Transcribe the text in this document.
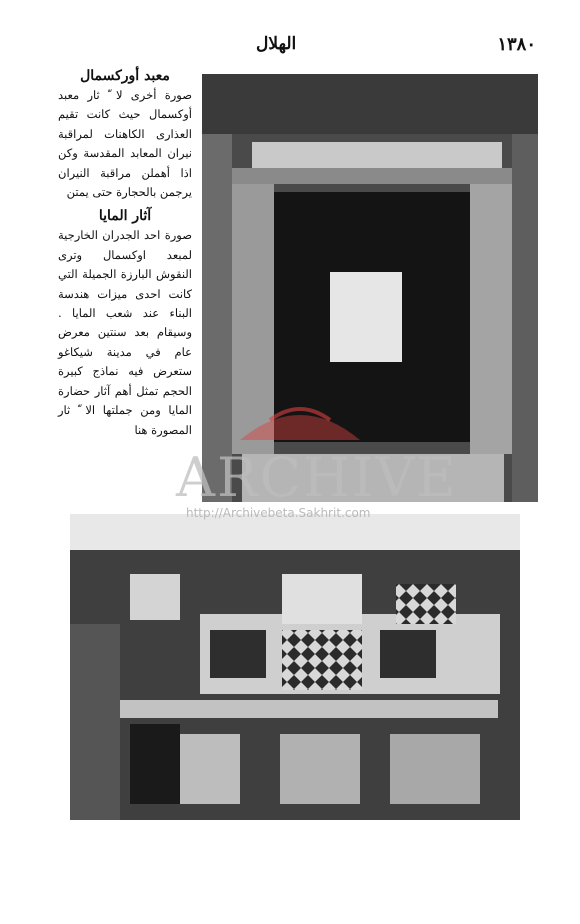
١٣٨٠
الهلال
معبد أوركسمال

صورة أخرى لا ّ ثار معبد أوكسمال حيث كانت تقيم العذارى الكاهنات لمراقبة نيران المعابد المقدسة وكن اذا أهملن مراقبة النيران يرجمن بالحجارة حتى يمتن

آثار المايا

صورة احد الجدران الخارجية لمبعد اوكسمال وترى النقوش البارزة الجميلة التي كانت احدى ميزات هندسة البناء عند شعب المايا . وسيقام بعد سنتين معرض عام في مدينة شيكاغو ستعرض فيه نماذج كبيرة الحجم تمثل أهم آثار حضارة المايا ومن جملتها الا ّ ثار المصورة هنا

ARCHIVE
http://Archivebeta.Sakhrit.com
